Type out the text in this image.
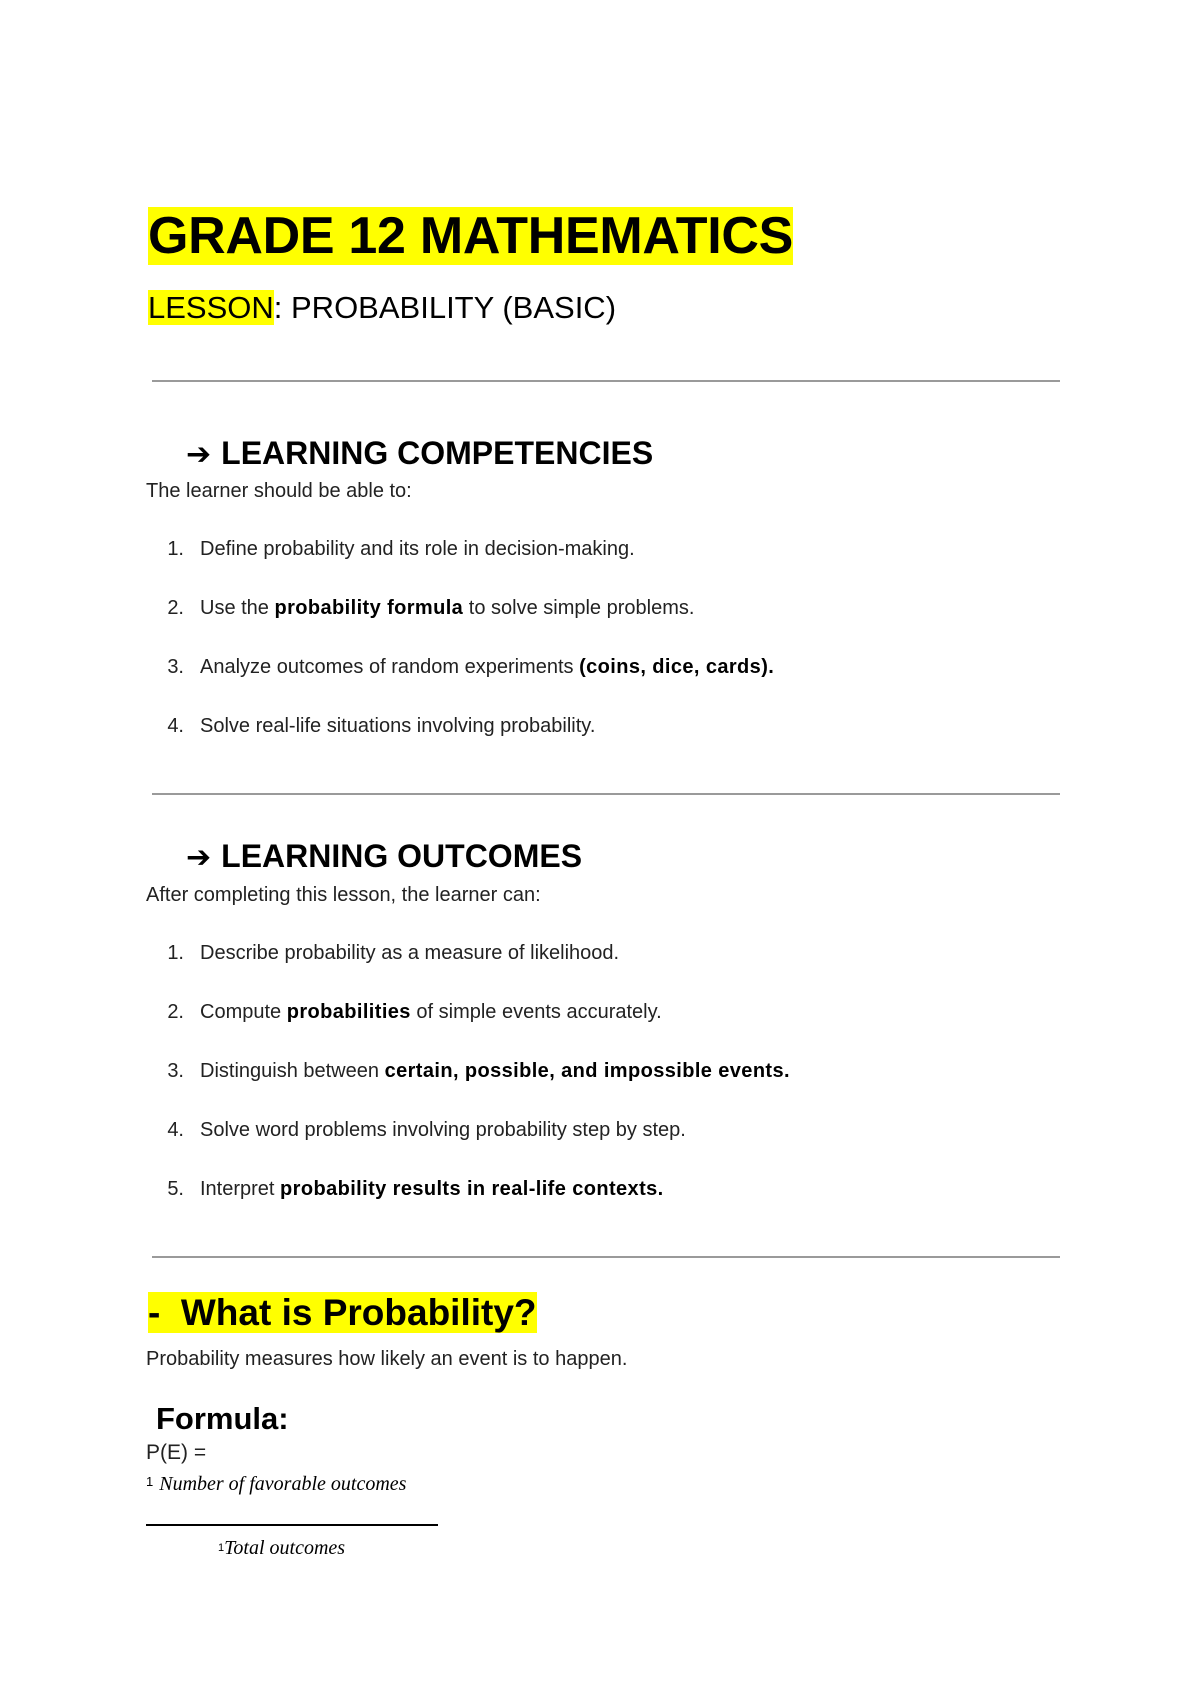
GRADE 12 MATHEMATICS
LESSON: PROBABILITY (BASIC)
➔ LEARNING COMPETENCIES
The learner should be able to:
1. Define probability and its role in decision-making.
2. Use the probability formula to solve simple problems.
3. Analyze outcomes of random experiments (coins, dice, cards).
4. Solve real-life situations involving probability.
➔ LEARNING OUTCOMES
After completing this lesson, the learner can:
1. Describe probability as a measure of likelihood.
2. Compute probabilities of simple events accurately.
3. Distinguish between certain, possible, and impossible events.
4. Solve word problems involving probability step by step.
5. Interpret probability results in real-life contexts.
-  What is Probability?
Probability measures how likely an event is to happen.
Formula:
P(E) =
$^1$ Number of favorable outcomes
$^1$Total outcomes
